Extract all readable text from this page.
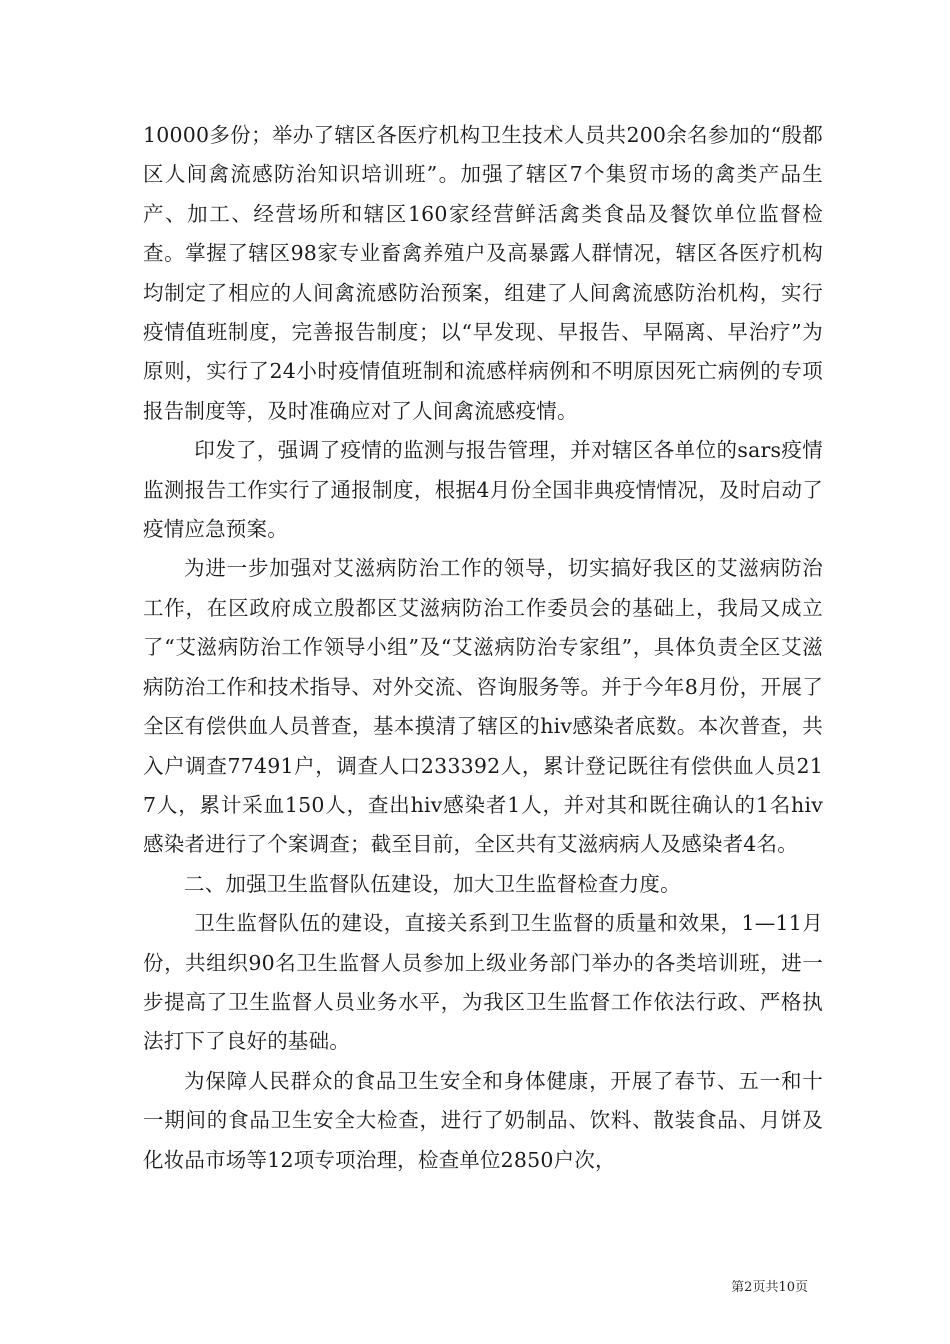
10000多份；举办了辖区各医疗机构卫生技术人员共200余名参加的“殷都区人间禽流感防治知识培训班”。加强了辖区7个集贸市场的禽类产品生产、加工、经营场所和辖区160家经营鲜活禽类食品及餐饮单位监督检查。掌握了辖区98家专业畜禽养殖户及高暴露人群情况，辖区各医疗机构均制定了相应的人间禽流感防治预案，组建了人间禽流感防治机构，实行疫情值班制度，完善报告制度；以“早发现、早报告、早隔离、早治疗”为原则，实行了24小时疫情值班制和流感样病例和不明原因死亡病例的专项报告制度等，及时准确应对了人间禽流感疫情。

印发了，强调了疫情的监测与报告管理，并对辖区各单位的sars疫情监测报告工作实行了通报制度，根据4月份全国非典疫情情况，及时启动了疫情应急预案。

为进一步加强对艾滋病防治工作的领导，切实搞好我区的艾滋病防治工作，在区政府成立殷都区艾滋病防治工作委员会的基础上，我局又成立了“艾滋病防治工作领导小组”及“艾滋病防治专家组”，具体负责全区艾滋病防治工作和技术指导、对外交流、咨询服务等。并于今年8月份，开展了全区有偿供血人员普查，基本摸清了辖区的hiv感染者底数。本次普查，共入户调查77491户，调查人口233392人，累计登记既往有偿供血人员217人，累计采血150人，查出hiv感染者1人，并对其和既往确认的1名hiv感染者进行了个案调查；截至目前，全区共有艾滋病病人及感染者4名。

二、加强卫生监督队伍建设，加大卫生监督检查力度。

卫生监督队伍的建设，直接关系到卫生监督的质量和效果，1—11月份，共组织90名卫生监督人员参加上级业务部门举办的各类培训班，进一步提高了卫生监督人员业务水平，为我区卫生监督工作依法行政、严格执法打下了良好的基础。

为保障人民群众的食品卫生安全和身体健康，开展了春节、五一和十一期间的食品卫生安全大检查，进行了奶制品、饮料、散装食品、月饼及化妆品市场等12项专项治理，检查单位2850户次，

第2页共10页
